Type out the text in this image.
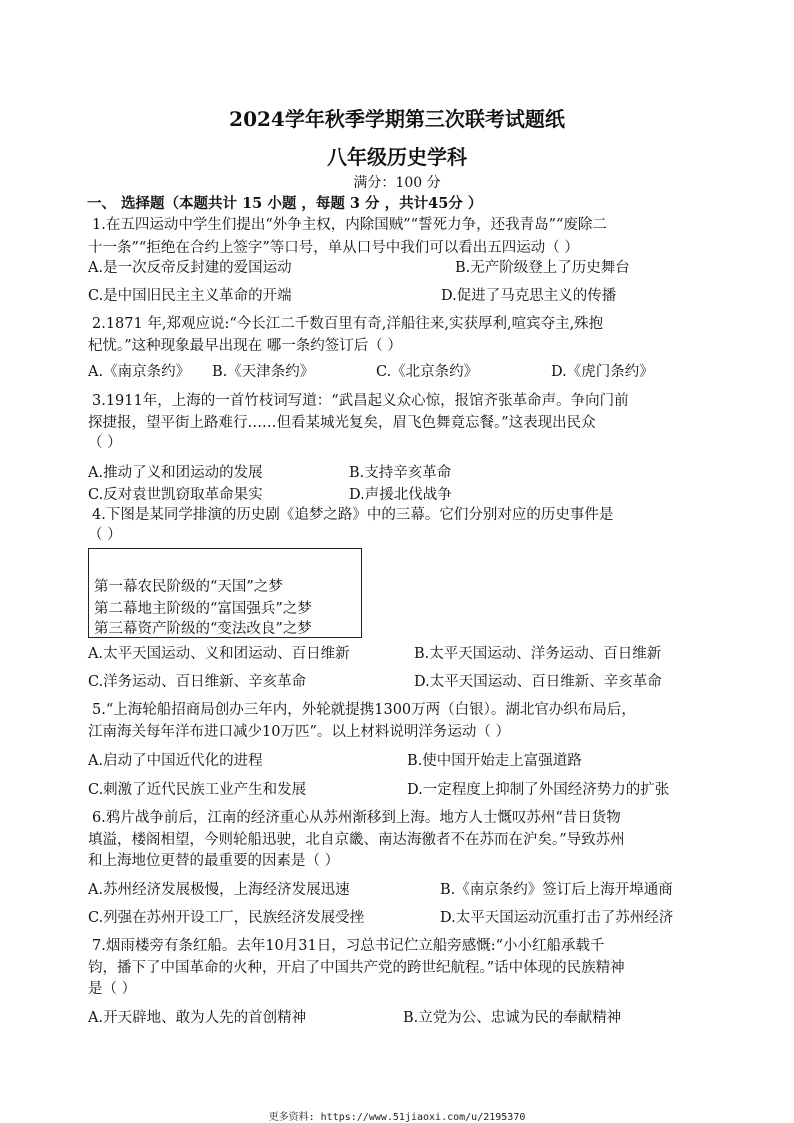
2024学年秋季学期第三次联考试题纸
八年级历史学科
满分：100 分
一、 选择题（本题共计 15 小题 ，每题 3 分 ，共计45分 ）
1.在五四运动中学生们提出“外争主权，内除国贼”“誓死力争，还我青岛”“废除二
十一条”“拒绝在合约上签字”等口号，单从口号中我们可以看出五四运动（ ）
A.是一次反帝反封建的爱国运动	B.无产阶级登上了历史舞台
C.是中国旧民主主义革命的开端	D.促进了马克思主义的传播
2.1871 年,郑观应说:“今长江二千数百里有奇,洋船往来,实获厚利,喧宾夺主,殊抱
杞忧。”这种现象最早出现在 哪一条约签订后（ ）
A.《南京条约》 B.《天津条约》	C.《北京条约》	D.《虎门条约》
3.1911年，上海的一首竹枝词写道：“武昌起义众心惊，报馆齐张革命声。争向门前
探捷报，望平街上路难行……但看某城光复矣，眉飞色舞竟忘餐。”这表现出民众
（ ）
A.推动了义和团运动的发展	B.支持辛亥革命
C.反对袁世凯窃取革命果实	D.声援北伐战争
4.下图是某同学排演的历史剧《追梦之路》中的三幕。它们分别对应的历史事件是
（ ）
第一幕农民阶级的“天国”之梦
第二幕地主阶级的“富国强兵”之梦
第三幕资产阶级的“变法改良”之梦
A.太平天国运动、义和团运动、百日维新	B.太平天国运动、洋务运动、百日维新
C.洋务运动、百日维新、辛亥革命	D.太平天国运动、百日维新、辛亥革命
5.“上海轮船招商局创办三年内，外轮就提携1300万两（白银）。湖北官办织布局后，
江南海关每年洋布进口减少10万匹”。以上材料说明洋务运动（ ）
A.启动了中国近代化的进程	B.使中国开始走上富强道路
C.刺激了近代民族工业产生和发展	D.一定程度上抑制了外国经济势力的扩张
6.鸦片战争前后，江南的经济重心从苏州渐移到上海。地方人士慨叹苏州“昔日货物
填溢，楼阁相望，今则轮船迅驶，北自京畿、南达海徼者不在苏而在沪矣。”导致苏州
和上海地位更替的最重要的因素是（ ）
A.苏州经济发展极慢，上海经济发展迅速	B.《南京条约》签订后上海开埠通商
C.列强在苏州开设工厂，民族经济发展受挫	D.太平天国运动沉重打击了苏州经济
7.烟雨楼旁有条红船。去年10月31日，习总书记伫立船旁感慨:“小小红船承载千
钧，播下了中国革命的火种，开启了中国共产党的跨世纪航程。”话中体现的民族精神
是（ ）
A.开天辟地、敢为人先的首创精神	B.立党为公、忠诚为民的奉献精神
更多资料: https://www.51jiaoxi.com/u/2195370
